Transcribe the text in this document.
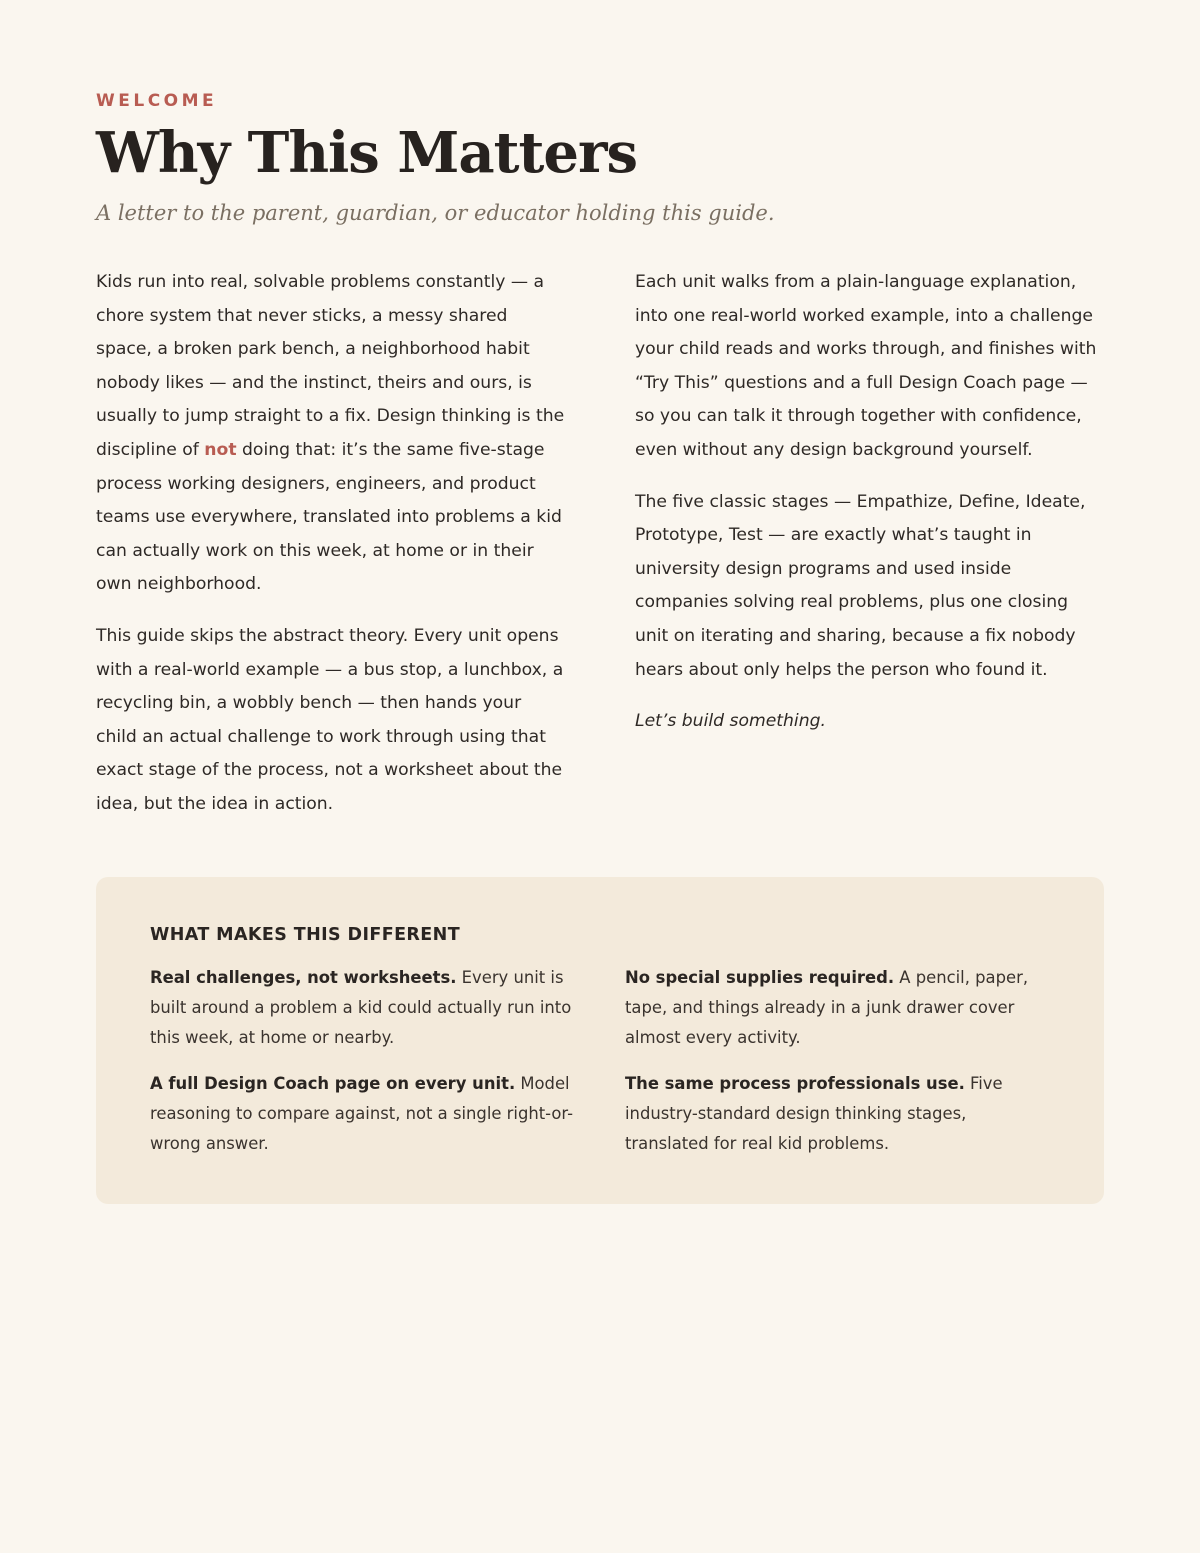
WELCOME

Why This Matters

A letter to the parent, guardian, or educator holding this guide.

Kids run into real, solvable problems constantly — a chore system that never sticks, a messy shared space, a broken park bench, a neighborhood habit nobody likes — and the instinct, theirs and ours, is usually to jump straight to a fix. Design thinking is the discipline of not doing that: it’s the same five-stage process working designers, engineers, and product teams use everywhere, translated into problems a kid can actually work on this week, at home or in their own neighborhood.

This guide skips the abstract theory. Every unit opens with a real-world example — a bus stop, a lunchbox, a recycling bin, a wobbly bench — then hands your child an actual challenge to work through using that exact stage of the process, not a worksheet about the idea, but the idea in action.

Each unit walks from a plain-language explanation, into one real-world worked example, into a challenge your child reads and works through, and finishes with “Try This” questions and a full Design Coach page — so you can talk it through together with confidence, even without any design background yourself.

The five classic stages — Empathize, Define, Ideate, Prototype, Test — are exactly what’s taught in university design programs and used inside companies solving real problems, plus one closing unit on iterating and sharing, because a fix nobody hears about only helps the person who found it.

Let’s build something.

WHAT MAKES THIS DIFFERENT

Real challenges, not worksheets. Every unit is built around a problem a kid could actually run into this week, at home or nearby.

No special supplies required. A pencil, paper, tape, and things already in a junk drawer cover almost every activity.

A full Design Coach page on every unit. Model reasoning to compare against, not a single right-or-wrong answer.

The same process professionals use. Five industry-standard design thinking stages, translated for real kid problems.
